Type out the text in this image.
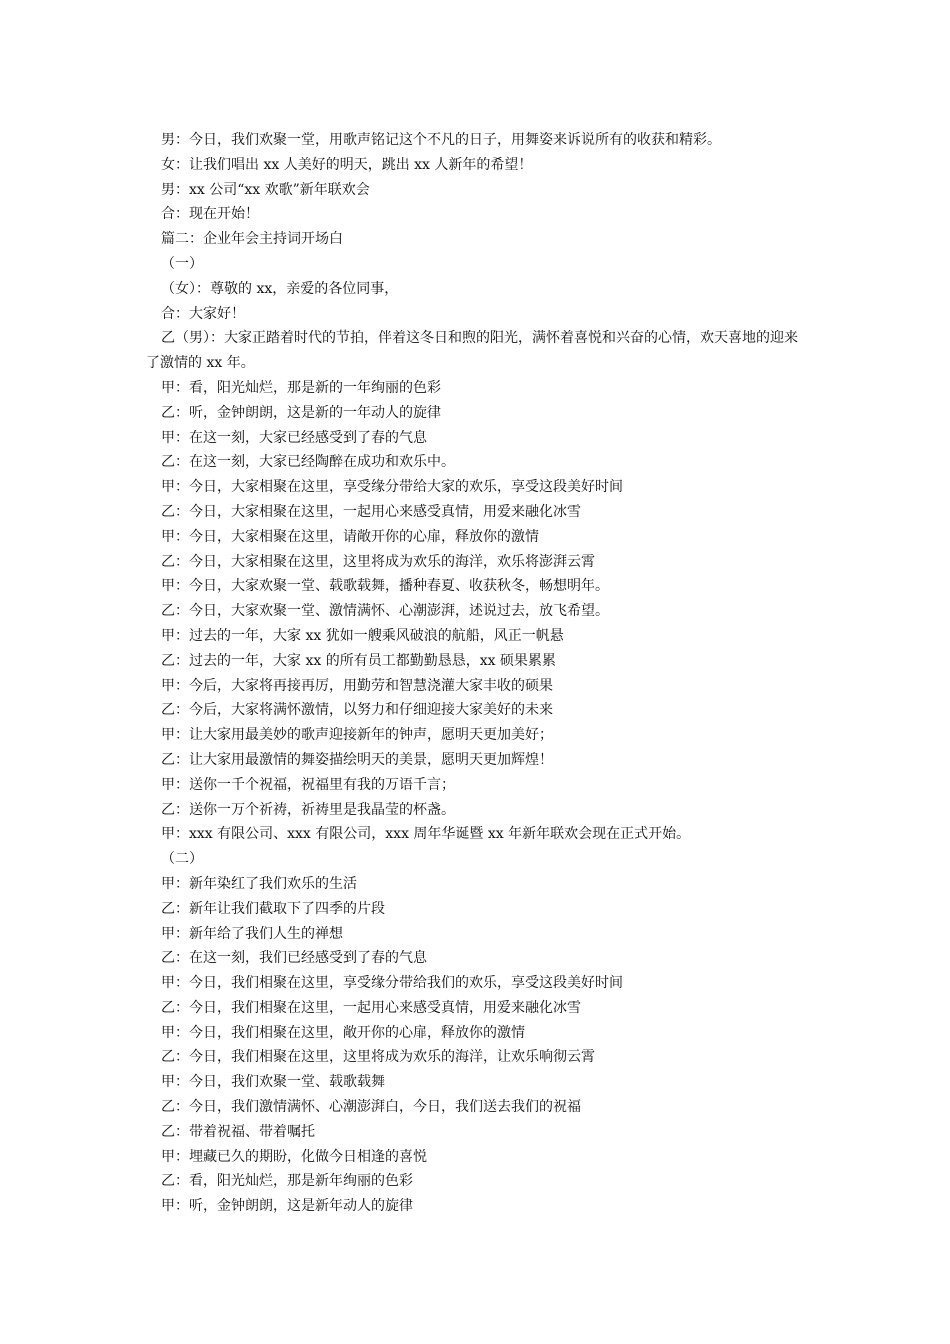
男：今日，我们欢聚一堂，用歌声铭记这个不凡的日子，用舞姿来诉说所有的收获和精彩。

女：让我们唱出 xx 人美好的明天，跳出 xx 人新年的希望！

男：xx 公司“xx 欢歌”新年联欢会

合：现在开始！

篇二：企业年会主持词开场白

（一）

（女）：尊敬的 xx，亲爱的各位同事，

合：大家好！

乙（男）：大家正踏着时代的节拍，伴着这冬日和煦的阳光，满怀着喜悦和兴奋的心情，欢天喜地的迎来了激情的 xx 年。

甲：看，阳光灿烂，那是新的一年绚丽的色彩

乙：听，金钟朗朗，这是新的一年动人的旋律

甲：在这一刻，大家已经感受到了春的气息

乙：在这一刻，大家已经陶醉在成功和欢乐中。

甲：今日，大家相聚在这里，享受缘分带给大家的欢乐，享受这段美好时间

乙：今日，大家相聚在这里，一起用心来感受真情，用爱来融化冰雪

甲：今日，大家相聚在这里，请敞开你的心扉，释放你的激情

乙：今日，大家相聚在这里，这里将成为欢乐的海洋，欢乐将澎湃云霄

甲：今日，大家欢聚一堂、载歌载舞，播种春夏、收获秋冬，畅想明年。

乙：今日，大家欢聚一堂、激情满怀、心潮澎湃，述说过去，放飞希望。

甲：过去的一年，大家 xx 犹如一艘乘风破浪的航船，风正一帆悬

乙：过去的一年，大家 xx 的所有员工都勤勤恳恳，xx 硕果累累

甲：今后，大家将再接再厉，用勤劳和智慧浇灌大家丰收的硕果

乙：今后，大家将满怀激情，以努力和仔细迎接大家美好的未来

甲：让大家用最美妙的歌声迎接新年的钟声，愿明天更加美好；

乙：让大家用最激情的舞姿描绘明天的美景，愿明天更加辉煌！

甲：送你一千个祝福，祝福里有我的万语千言；

乙：送你一万个祈祷，祈祷里是我晶莹的杯盏。

甲：xxx 有限公司、xxx 有限公司，xxx 周年华诞暨 xx 年新年联欢会现在正式开始。

（二）

甲：新年染红了我们欢乐的生活

乙：新年让我们截取下了四季的片段

甲：新年给了我们人生的禅想

乙：在这一刻，我们已经感受到了春的气息

甲：今日，我们相聚在这里，享受缘分带给我们的欢乐，享受这段美好时间

乙：今日，我们相聚在这里，一起用心来感受真情，用爱来融化冰雪

甲：今日，我们相聚在这里，敞开你的心扉，释放你的激情

乙：今日，我们相聚在这里，这里将成为欢乐的海洋，让欢乐响彻云霄

甲：今日，我们欢聚一堂、载歌载舞

乙：今日，我们激情满怀、心潮澎湃白，今日，我们送去我们的祝福

乙：带着祝福、带着嘱托

甲：埋藏已久的期盼，化做今日相逢的喜悦

乙：看，阳光灿烂，那是新年绚丽的色彩

甲：听，金钟朗朗，这是新年动人的旋律
